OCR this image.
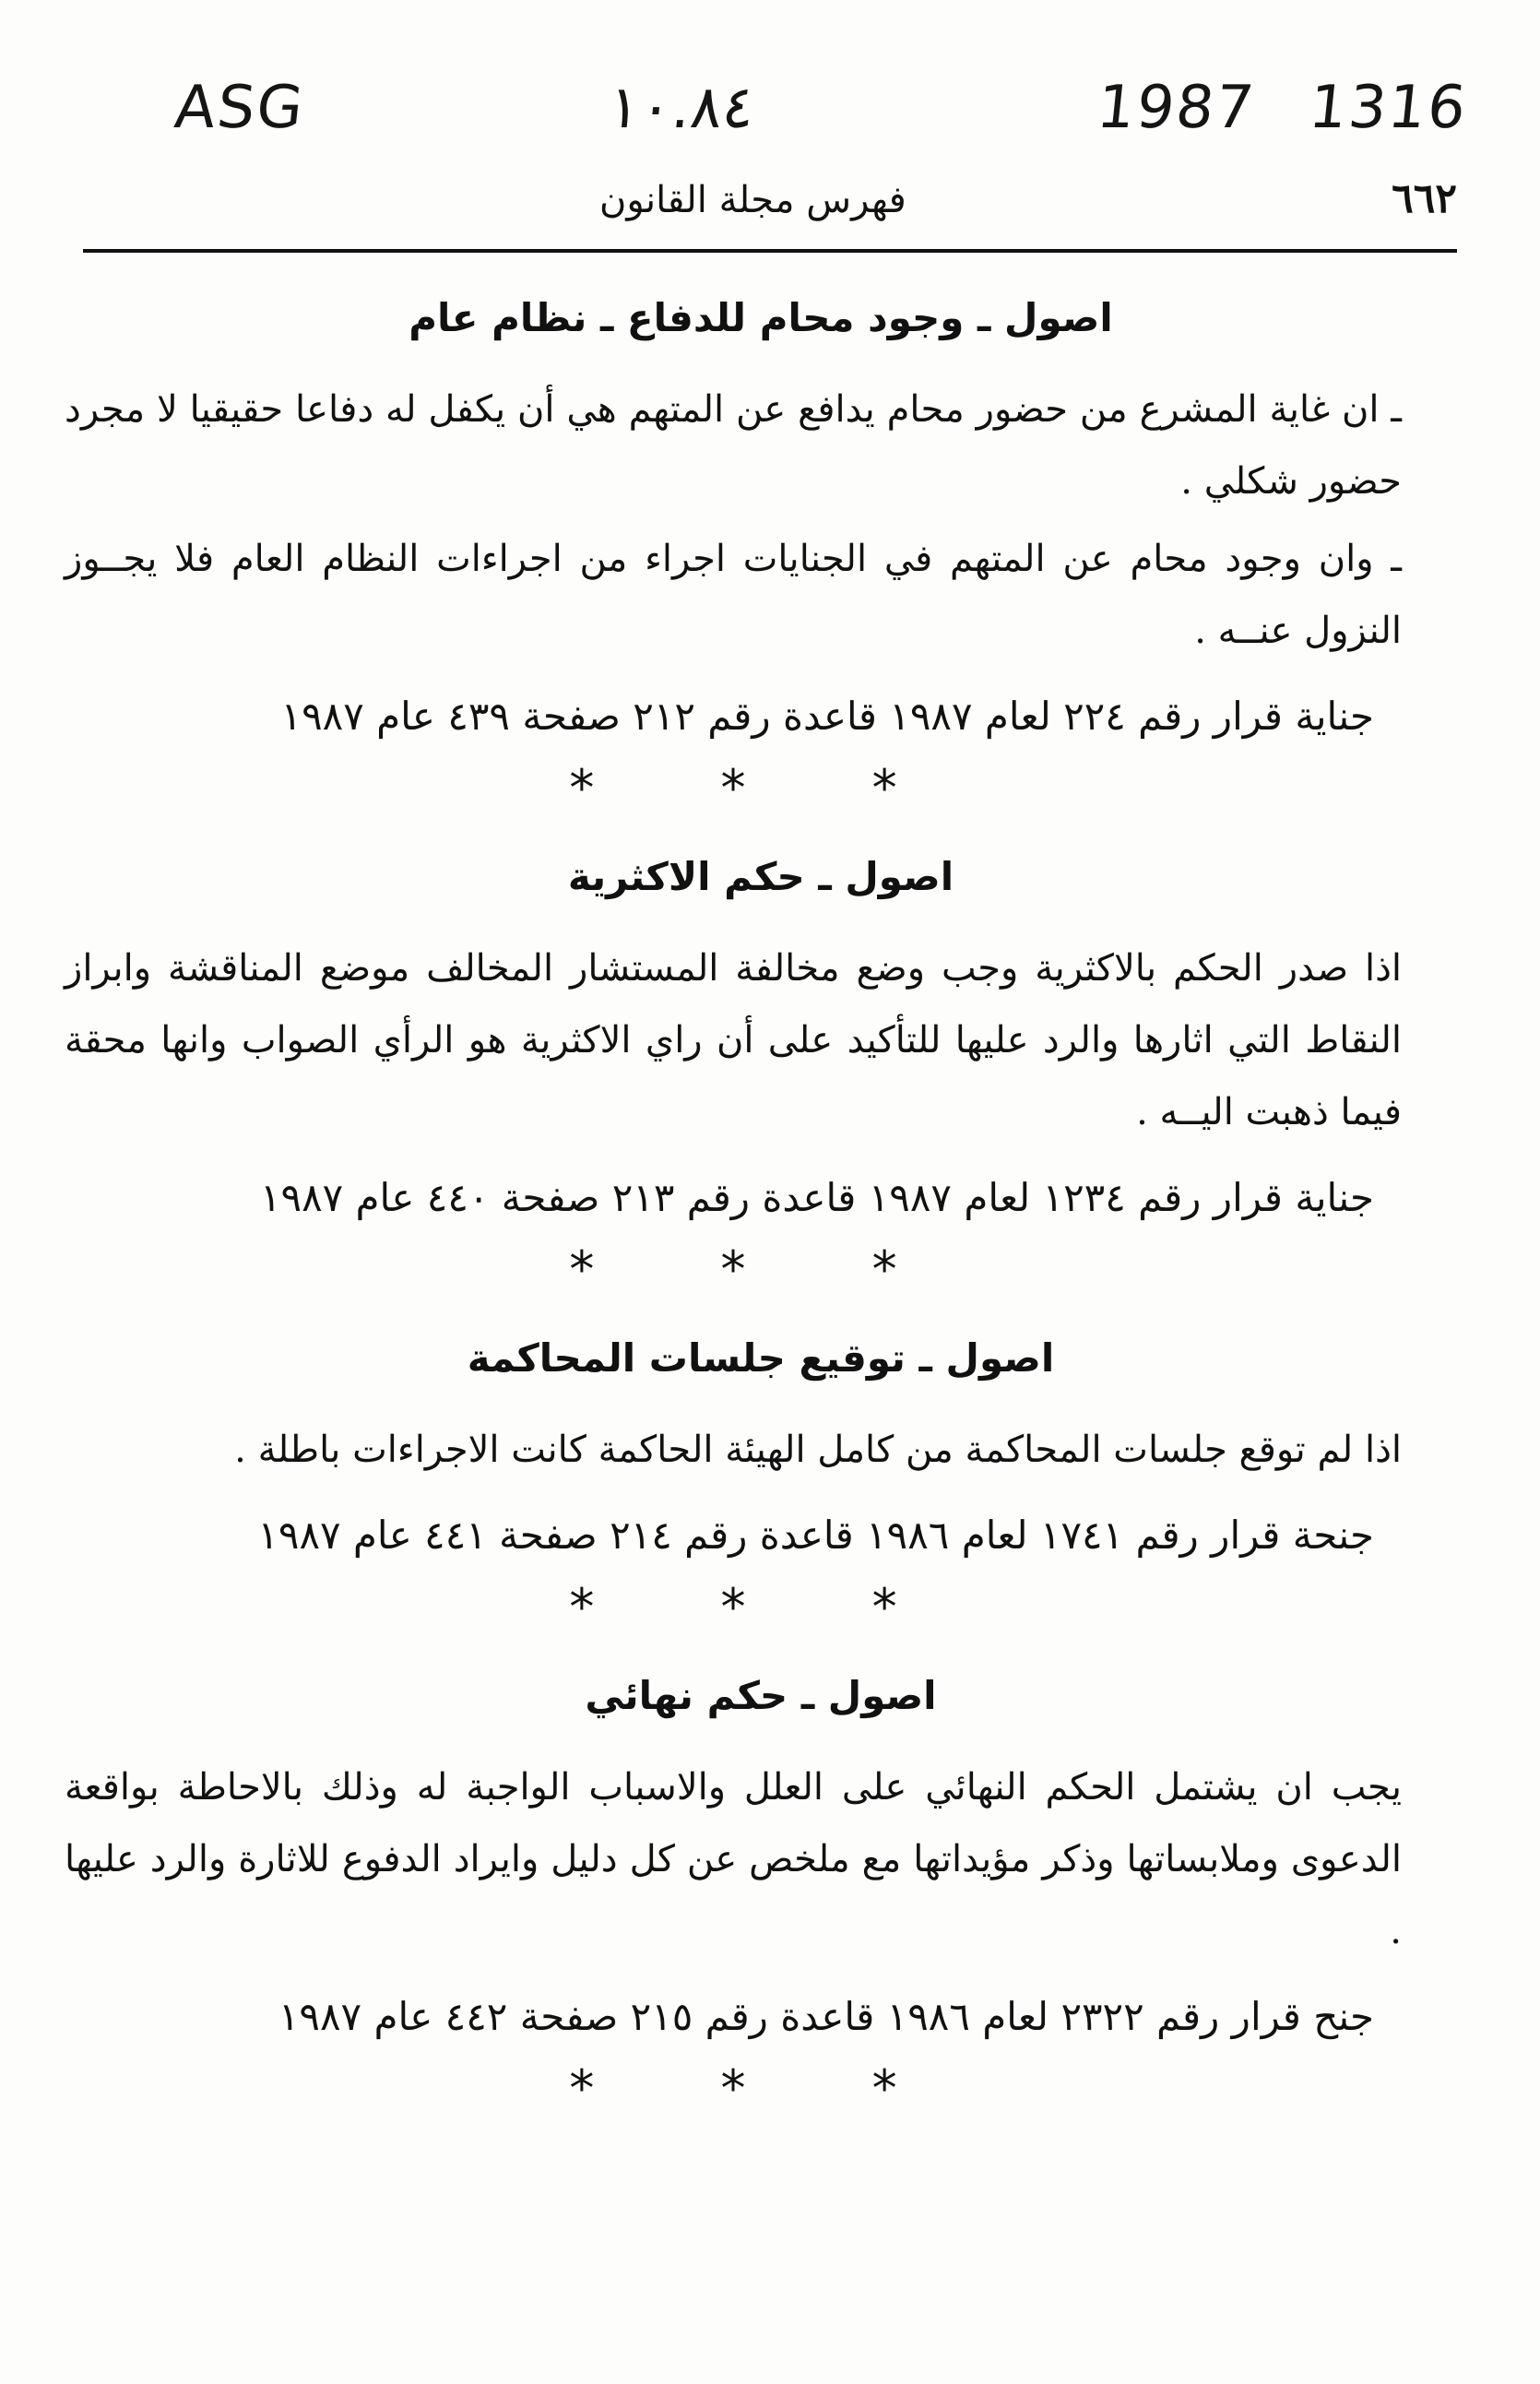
ASG	١٠.٨٤	1987 1316
٦٦٢
فهرس مجلة القانون
اصول ـ وجود محام للدفاع ـ نظام عام

ـ ان غاية المشرع من حضور محام يدافع عن المتهم هي أن يكفل له دفاعا حقيقيا لا مجرد حضور شكلي .

ـ وان وجود محام عن المتهم في الجنايات اجراء من اجراءات النظام العام فلا يجــوز النزول عنــه .

جناية قرار رقم ٢٢٤ لعام ١٩٨٧ قاعدة رقم ٢١٢ صفحة ٤٣٩ عام ١٩٨٧
* * *
اصول ـ حكم الاكثرية

اذا صدر الحكم بالاكثرية وجب وضع مخالفة المستشار المخالف موضع المناقشة وابراز النقاط التي اثارها والرد عليها للتأكيد على أن راي الاكثرية هو الرأي الصواب وانها محقة فيما ذهبت اليــه .

جناية قرار رقم ١٢٣٤ لعام ١٩٨٧ قاعدة رقم ٢١٣ صفحة ٤٤٠ عام ١٩٨٧
* * *
اصول ـ توقيع جلسات المحاكمة

اذا لم توقع جلسات المحاكمة من كامل الهيئة الحاكمة كانت الاجراءات باطلة .

جنحة قرار رقم ١٧٤١ لعام ١٩٨٦ قاعدة رقم ٢١٤ صفحة ٤٤١ عام ١٩٨٧
* * *
اصول ـ حكم نهائي

يجب ان يشتمل الحكم النهائي على العلل والاسباب الواجبة له وذلك بالاحاطة بواقعة الدعوى وملابساتها وذكر مؤيداتها مع ملخص عن كل دليل وايراد الدفوع للاثارة والرد عليها .

جنح قرار رقم ٢٣٢٢ لعام ١٩٨٦ قاعدة رقم ٢١٥ صفحة ٤٤٢ عام ١٩٨٧
* * *
